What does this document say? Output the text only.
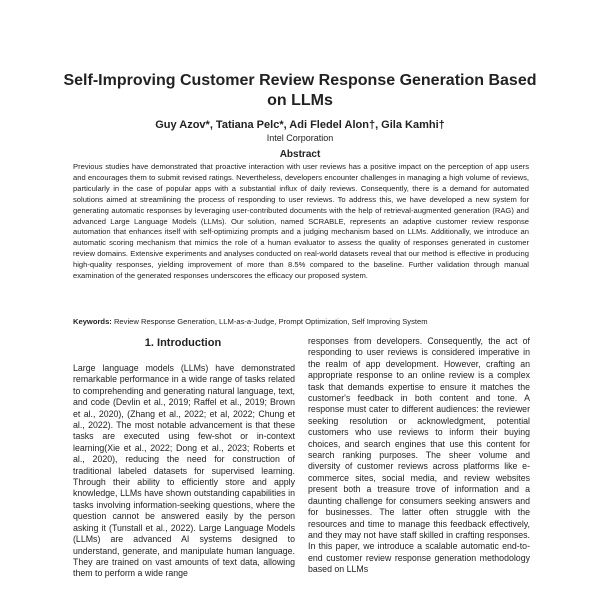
Self-Improving Customer Review Response Generation Based on LLMs
Guy Azov*, Tatiana Pelc*, Adi Fledel Alon†, Gila Kamhi†
Intel Corporation
Abstract
Previous studies have demonstrated that proactive interaction with user reviews has a positive impact on the perception of app users and encourages them to submit revised ratings. Nevertheless, developers encounter challenges in managing a high volume of reviews, particularly in the case of popular apps with a substantial influx of daily reviews. Consequently, there is a demand for automated solutions aimed at streamlining the process of responding to user reviews. To address this, we have developed a new system for generating automatic responses by leveraging user-contributed documents with the help of retrieval-augmented generation (RAG) and advanced Large Language Models (LLMs). Our solution, named SCRABLE, represents an adaptive customer review response automation that enhances itself with self-optimizing prompts and a judging mechanism based on LLMs. Additionally, we introduce an automatic scoring mechanism that mimics the role of a human evaluator to assess the quality of responses generated in customer review domains. Extensive experiments and analyses conducted on real-world datasets reveal that our method is effective in producing high-quality responses, yielding improvement of more than 8.5% compared to the baseline. Further validation through manual examination of the generated responses underscores the efficacy our proposed system.
Keywords: Review Response Generation, LLM-as-a-Judge, Prompt Optimization, Self Improving System
1. Introduction
Large language models (LLMs) have demonstrated remarkable performance in a wide range of tasks related to comprehending and generating natural language, text, and code (Devlin et al., 2019; Raffel et al., 2019; Brown et al., 2020), (Zhang et al., 2022; et al, 2022; Chung et al., 2022). The most notable advancement is that these tasks are executed using few-shot or in-context learning(Xie et al., 2022; Dong et al., 2023; Roberts et al., 2020), reducing the need for construction of traditional labeled datasets for supervised learning. Through their ability to efficiently store and apply knowledge, LLMs have shown outstanding capabilities in tasks involving information-seeking questions, where the question cannot be answered easily by the person asking it (Tunstall et al., 2022). Large Language Models (LLMs) are advanced AI systems designed to understand, generate, and manipulate human language. They are trained on vast amounts of text data, allowing them to perform a wide range
responses from developers. Consequently, the act of responding to user reviews is considered imperative in the realm of app development. However, crafting an appropriate response to an online review is a complex task that demands expertise to ensure it matches the customer's feedback in both content and tone. A response must cater to different audiences: the reviewer seeking resolution or acknowledgment, potential customers who use reviews to inform their buying choices, and search engines that use this content for search ranking purposes. The sheer volume and diversity of customer reviews across platforms like e-commerce sites, social media, and review websites present both a treasure trove of information and a daunting challenge for consumers seeking answers and for businesses. The latter often struggle with the resources and time to manage this feedback effectively, and they may not have staff skilled in crafting responses. In this paper, we introduce a scalable automatic end-to-end customer review response generation methodology based on LLMs
